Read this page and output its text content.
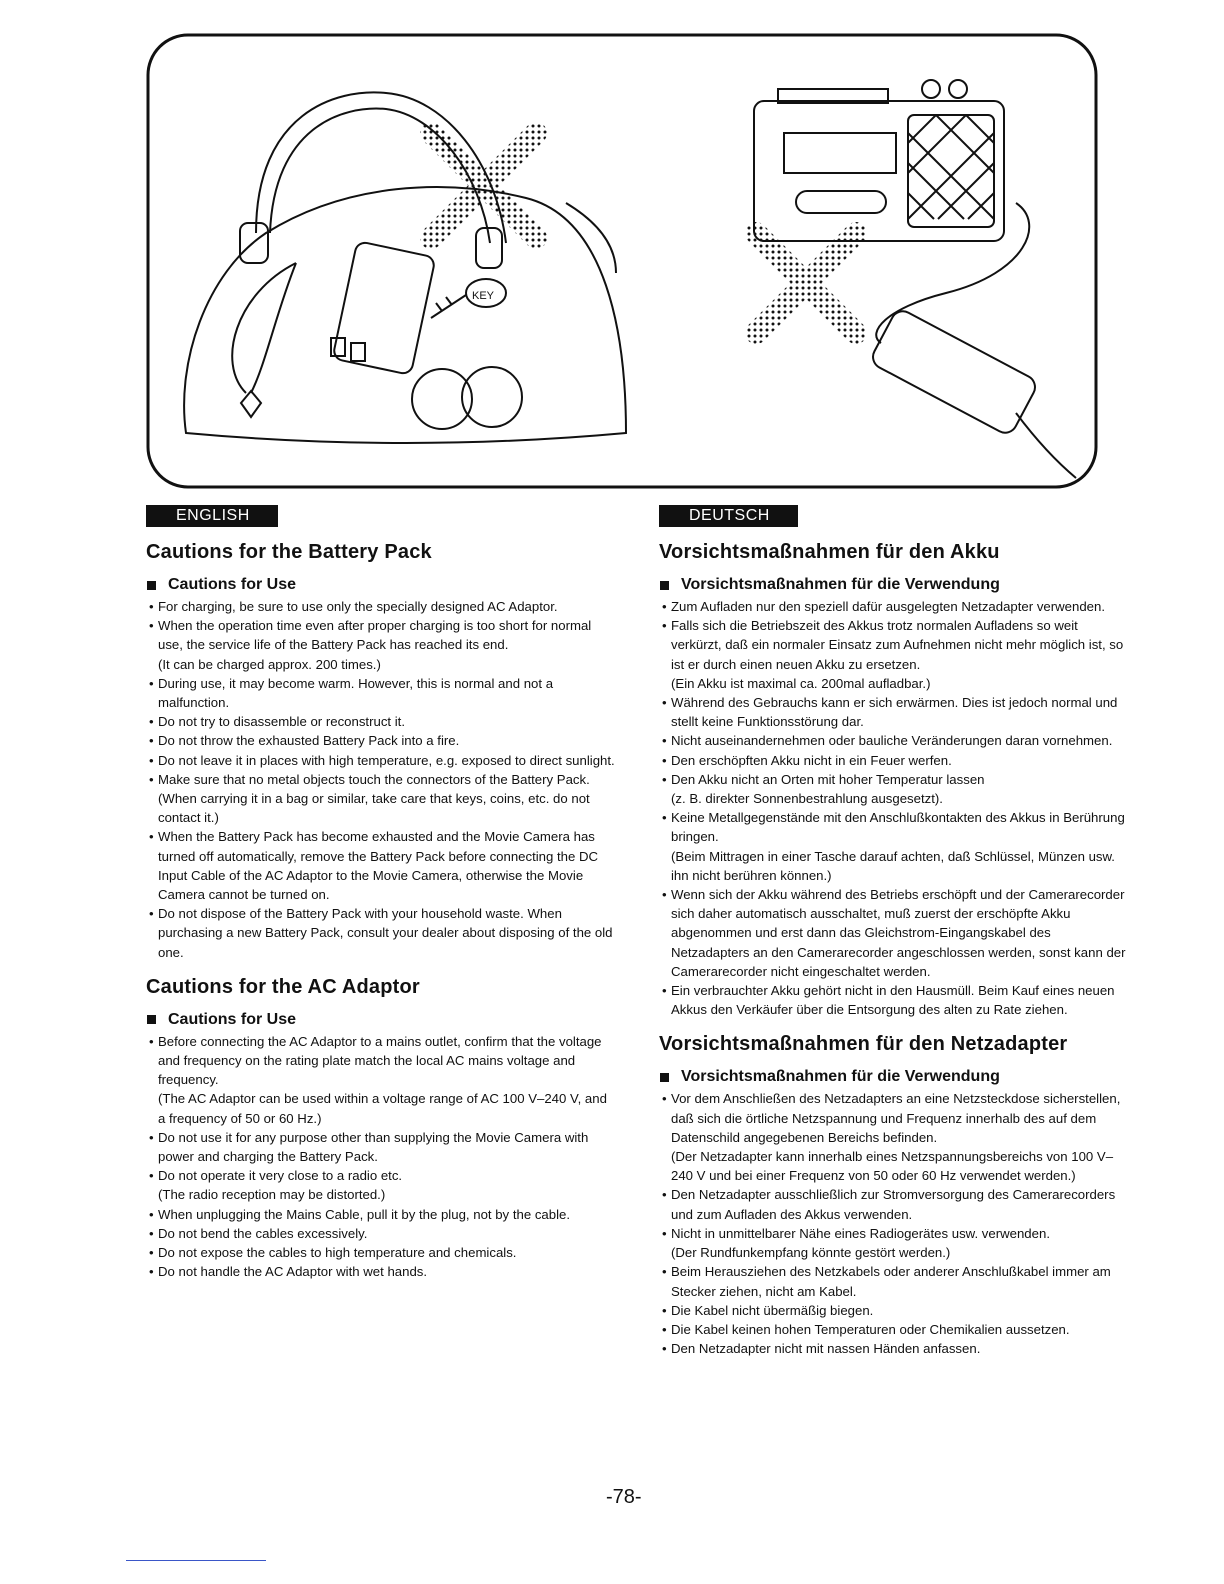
KEY
ENGLISH
Cautions for the Battery Pack
Cautions for Use
• For charging, be sure to use only the specially designed AC Adaptor.
• When the operation time even after proper charging is too short for normal use, the service life of the Battery Pack has reached its end.
(It can be charged approx. 200 times.)
• During use, it may become warm. However, this is normal and not a malfunction.
• Do not try to disassemble or reconstruct it.
• Do not throw the exhausted Battery Pack into a fire.
• Do not leave it in places with high temperature, e.g. exposed to direct sunlight.
• Make sure that no metal objects touch the connectors of the Battery Pack.
(When carrying it in a bag or similar, take care that keys, coins, etc. do not contact it.)
• When the Battery Pack has become exhausted and the Movie Camera has turned off automatically, remove the Battery Pack before connecting the DC Input Cable of the AC Adaptor to the Movie Camera, otherwise the Movie Camera cannot be turned on.
• Do not dispose of the Battery Pack with your household waste. When purchasing a new Battery Pack, consult your dealer about disposing of the old one.
Cautions for the AC Adaptor
Cautions for Use
• Before connecting the AC Adaptor to a mains outlet, confirm that the voltage and frequency on the rating plate match the local AC mains voltage and frequency.
(The AC Adaptor can be used within a voltage range of AC 100 V–240 V, and a frequency of 50 or 60 Hz.)
• Do not use it for any purpose other than supplying the Movie Camera with power and charging the Battery Pack.
• Do not operate it very close to a radio etc.
(The radio reception may be distorted.)
• When unplugging the Mains Cable, pull it by the plug, not by the cable.
• Do not bend the cables excessively.
• Do not expose the cables to high temperature and chemicals.
• Do not handle the AC Adaptor with wet hands.
DEUTSCH
Vorsichtsmaßnahmen für den Akku
Vorsichtsmaßnahmen für die Verwendung
• Zum Aufladen nur den speziell dafür ausgelegten Netzadapter verwenden.
• Falls sich die Betriebszeit des Akkus trotz normalen Aufladens so weit verkürzt, daß ein normaler Einsatz zum Aufnehmen nicht mehr möglich ist, so ist er durch einen neuen Akku zu ersetzen.
(Ein Akku ist maximal ca. 200mal aufladbar.)
• Während des Gebrauchs kann er sich erwärmen. Dies ist jedoch normal und stellt keine Funktionsstörung dar.
• Nicht auseinandernehmen oder bauliche Veränderungen daran vornehmen.
• Den erschöpften Akku nicht in ein Feuer werfen.
• Den Akku nicht an Orten mit hoher Temperatur lassen
(z. B. direkter Sonnenbestrahlung ausgesetzt).
• Keine Metallgegenstände mit den Anschlußkontakten des Akkus in Berührung bringen.
(Beim Mittragen in einer Tasche darauf achten, daß Schlüssel, Münzen usw. ihn nicht berühren können.)
• Wenn sich der Akku während des Betriebs erschöpft und der Camerarecorder sich daher automatisch ausschaltet, muß zuerst der erschöpfte Akku abgenommen und erst dann das Gleichstrom-Eingangskabel des Netzadapters an den Camerarecorder angeschlossen werden, sonst kann der Camerarecorder nicht eingeschaltet werden.
• Ein verbrauchter Akku gehört nicht in den Hausmüll. Beim Kauf eines neuen Akkus den Verkäufer über die Entsorgung des alten zu Rate ziehen.
Vorsichtsmaßnahmen für den Netzadapter
Vorsichtsmaßnahmen für die Verwendung
• Vor dem Anschließen des Netzadapters an eine Netzsteckdose sicherstellen, daß sich die örtliche Netzspannung und Frequenz innerhalb des auf dem Datenschild angegebenen Bereichs befinden.
(Der Netzadapter kann innerhalb eines Netzspannungsbereichs von 100 V–240 V und bei einer Frequenz von 50 oder 60 Hz verwendet werden.)
• Den Netzadapter ausschließlich zur Stromversorgung des Camerarecorders und zum Aufladen des Akkus verwenden.
• Nicht in unmittelbarer Nähe eines Radiogerätes usw. verwenden.
(Der Rundfunkempfang könnte gestört werden.)
• Beim Herausziehen des Netzkabels oder anderer Anschlußkabel immer am Stecker ziehen, nicht am Kabel.
• Die Kabel nicht übermäßig biegen.
• Die Kabel keinen hohen Temperaturen oder Chemikalien aussetzen.
• Den Netzadapter nicht mit nassen Händen anfassen.
-78-
